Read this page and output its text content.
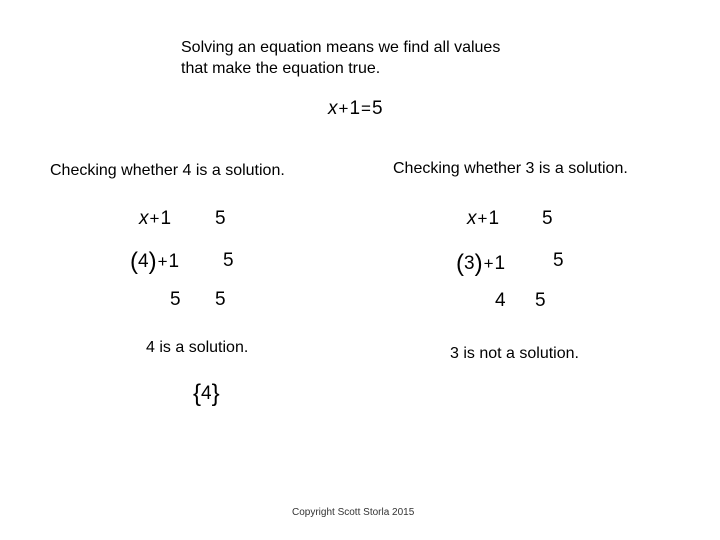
Solving an equation means we find all values
that make the equation true.
x+1=5
Checking whether 4 is a solution.
x+1 5
(4)+1 5
5 5
4 is a solution.
{4}
Checking whether 3 is a solution.
x+1 5
(3)+1	5
4 5
3 is not a solution.
Copyright Scott Storla 2015
